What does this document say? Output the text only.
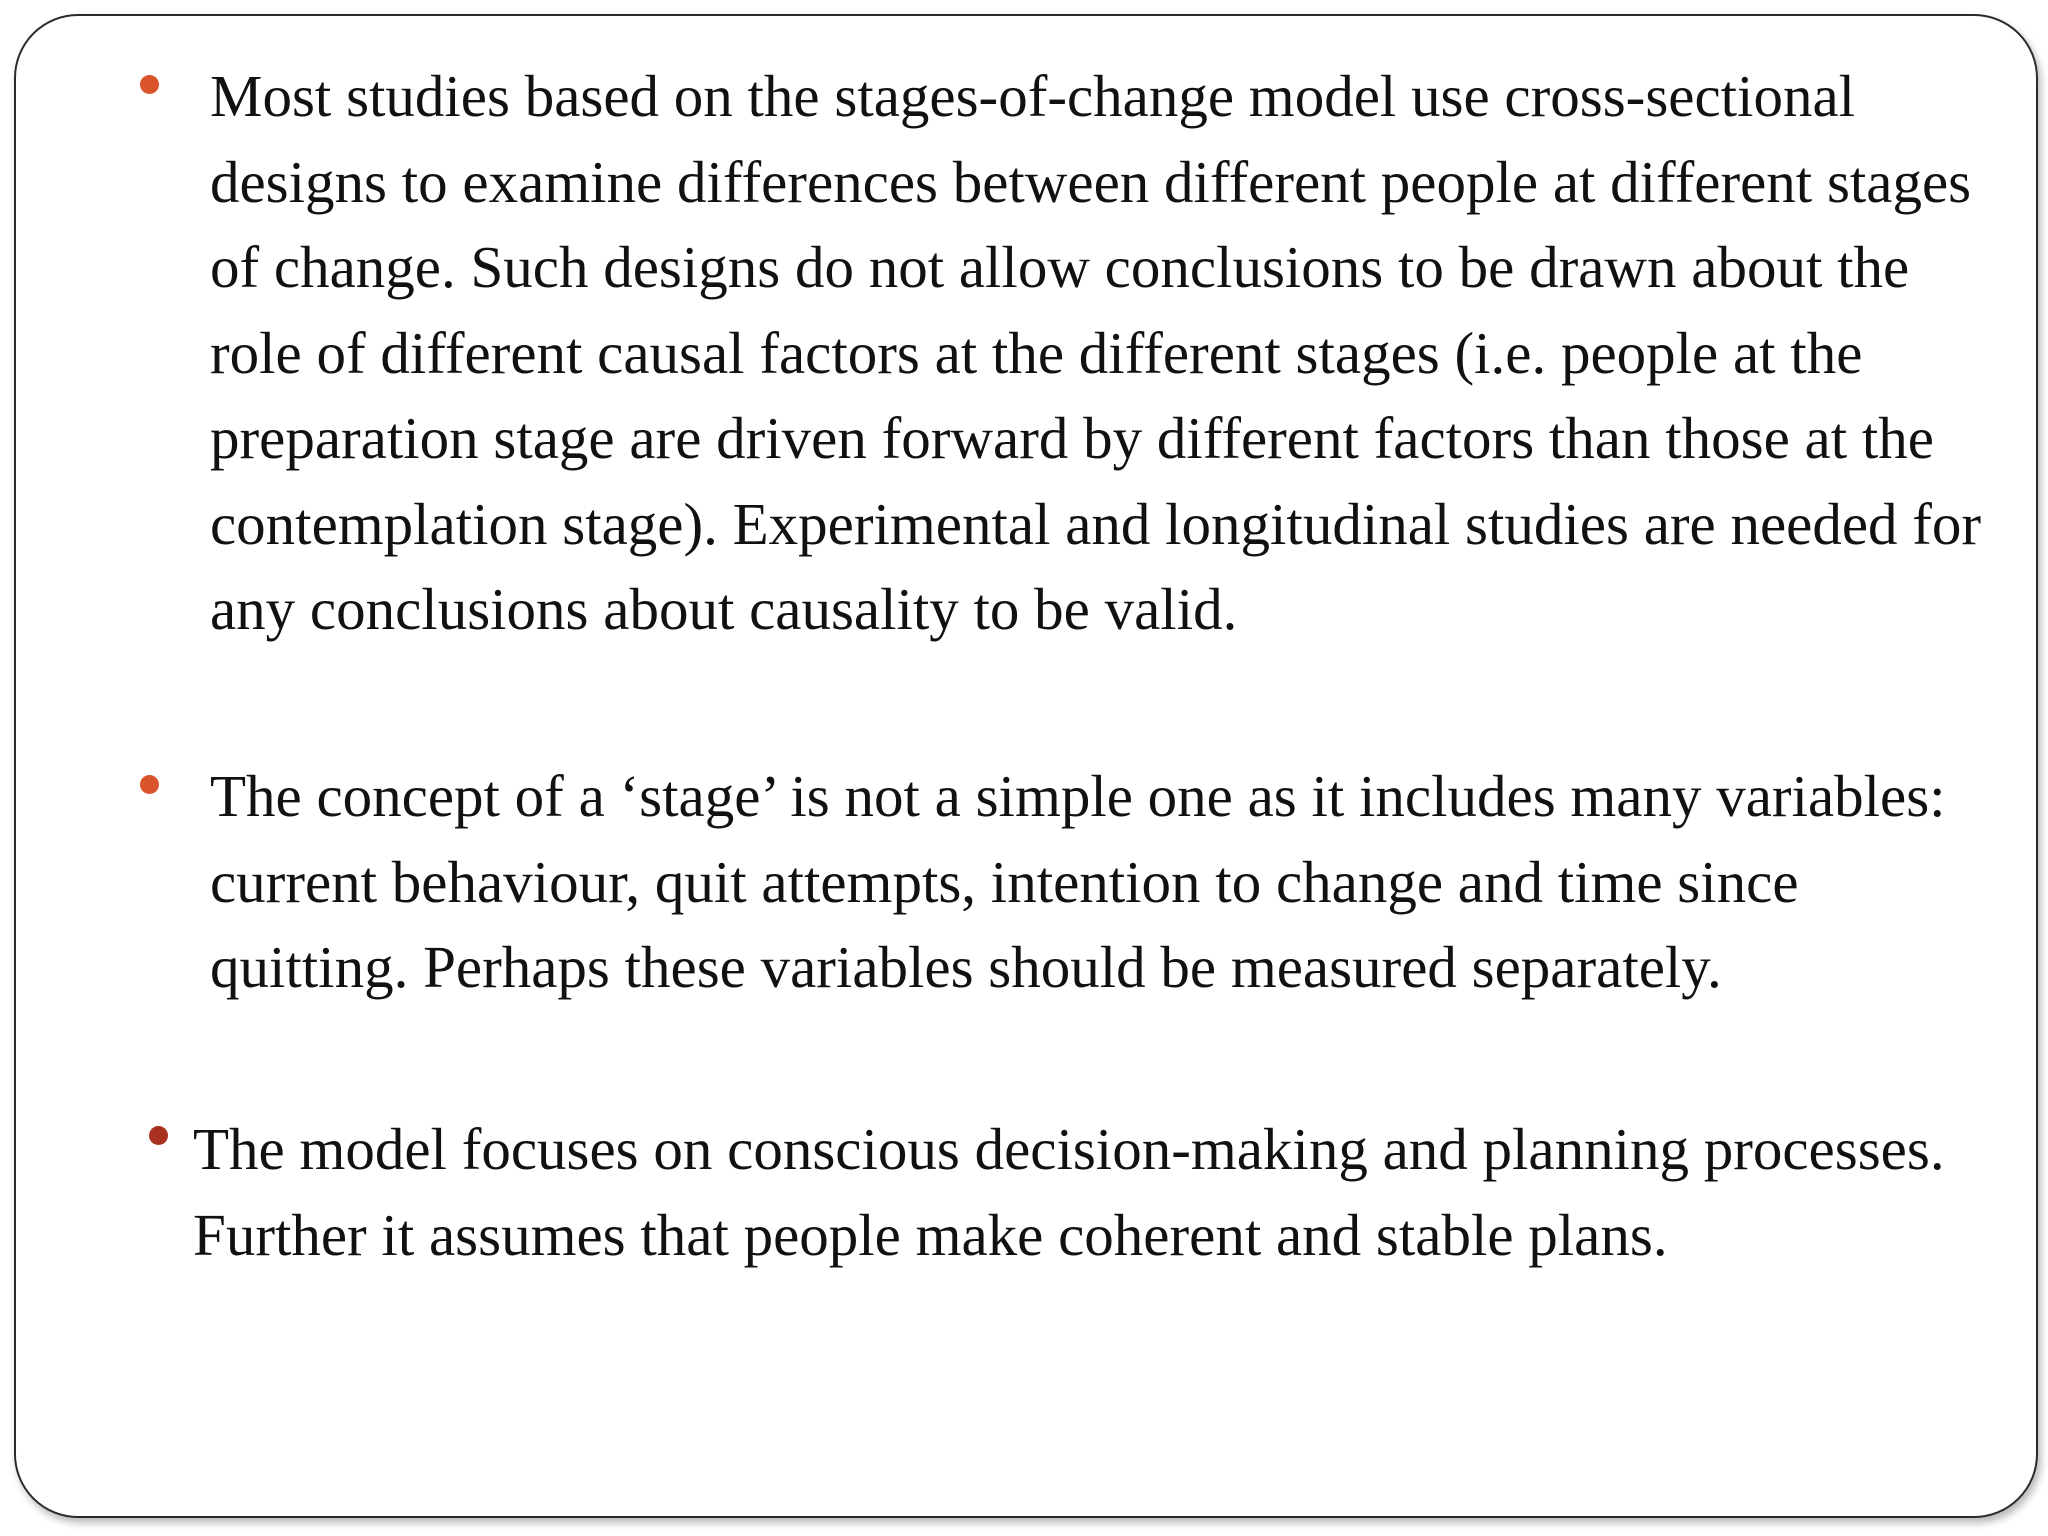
Most studies based on the stages-of-change model use cross-sectional designs to examine differences between different people at different stages of change. Such designs do not allow conclusions to be drawn about the role of different causal factors at the different stages (i.e. people at the preparation stage are driven forward by different factors than those at the contemplation stage). Experimental and longitudinal studies are needed for any conclusions about causality to be valid.
The concept of a ‘stage’ is not a simple one as it includes many variables: current behaviour, quit attempts, intention to change and time since quitting. Perhaps these variables should be measured separately.
The model focuses on conscious decision-making and planning processes. Further it assumes that people make coherent and stable plans.
